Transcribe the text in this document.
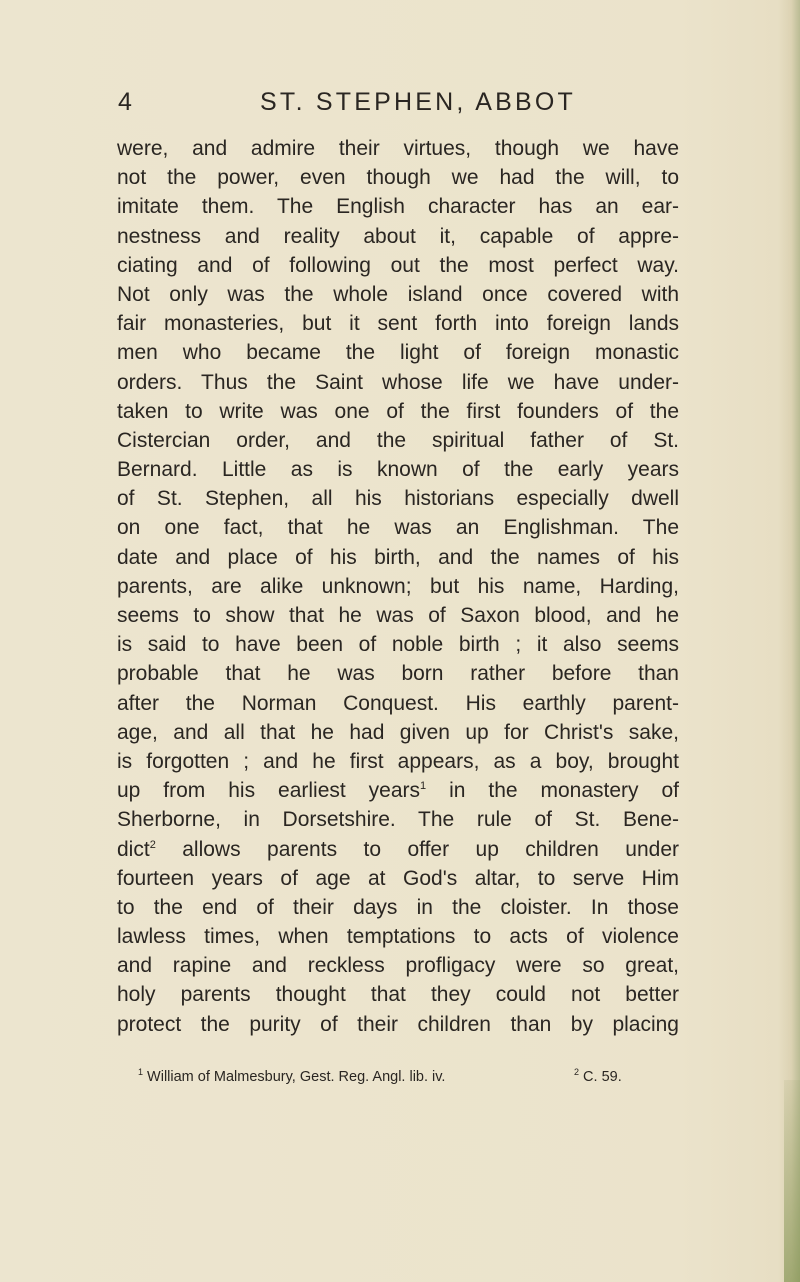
4	ST. STEPHEN, ABBOT
were, and admire their virtues, though we have
not the power, even though we had the will, to
imitate them. The English character has an ear-
nestness and reality about it, capable of appre-
ciating and of following out the most perfect way.
Not only was the whole island once covered with
fair monasteries, but it sent forth into foreign lands
men who became the light of foreign monastic
orders. Thus the Saint whose life we have under-
taken to write was one of the first founders of the
Cistercian order, and the spiritual father of St.
Bernard. Little as is known of the early years
of St. Stephen, all his historians especially dwell
on one fact, that he was an Englishman. The
date and place of his birth, and the names of his
parents, are alike unknown; but his name, Harding,
seems to show that he was of Saxon blood, and he
is said to have been of noble birth ; it also seems
probable that he was born rather before than
after the Norman Conquest. His earthly parent-
age, and all that he had given up for Christ's sake,
is forgotten ; and he first appears, as a boy, brought
up from his earliest years$^1$ in the monastery of
Sherborne, in Dorsetshire. The rule of St. Bene-
dict$^2$ allows parents to offer up children under
fourteen years of age at God's altar, to serve Him
to the end of their days in the cloister. In those
lawless times, when temptations to acts of violence
and rapine and reckless profligacy were so great,
holy parents thought that they could not better
protect the purity of their children than by placing
$^1$ William of Malmesbury, Gest. Reg. Angl. lib. iv.	$^2$ C. 59.
